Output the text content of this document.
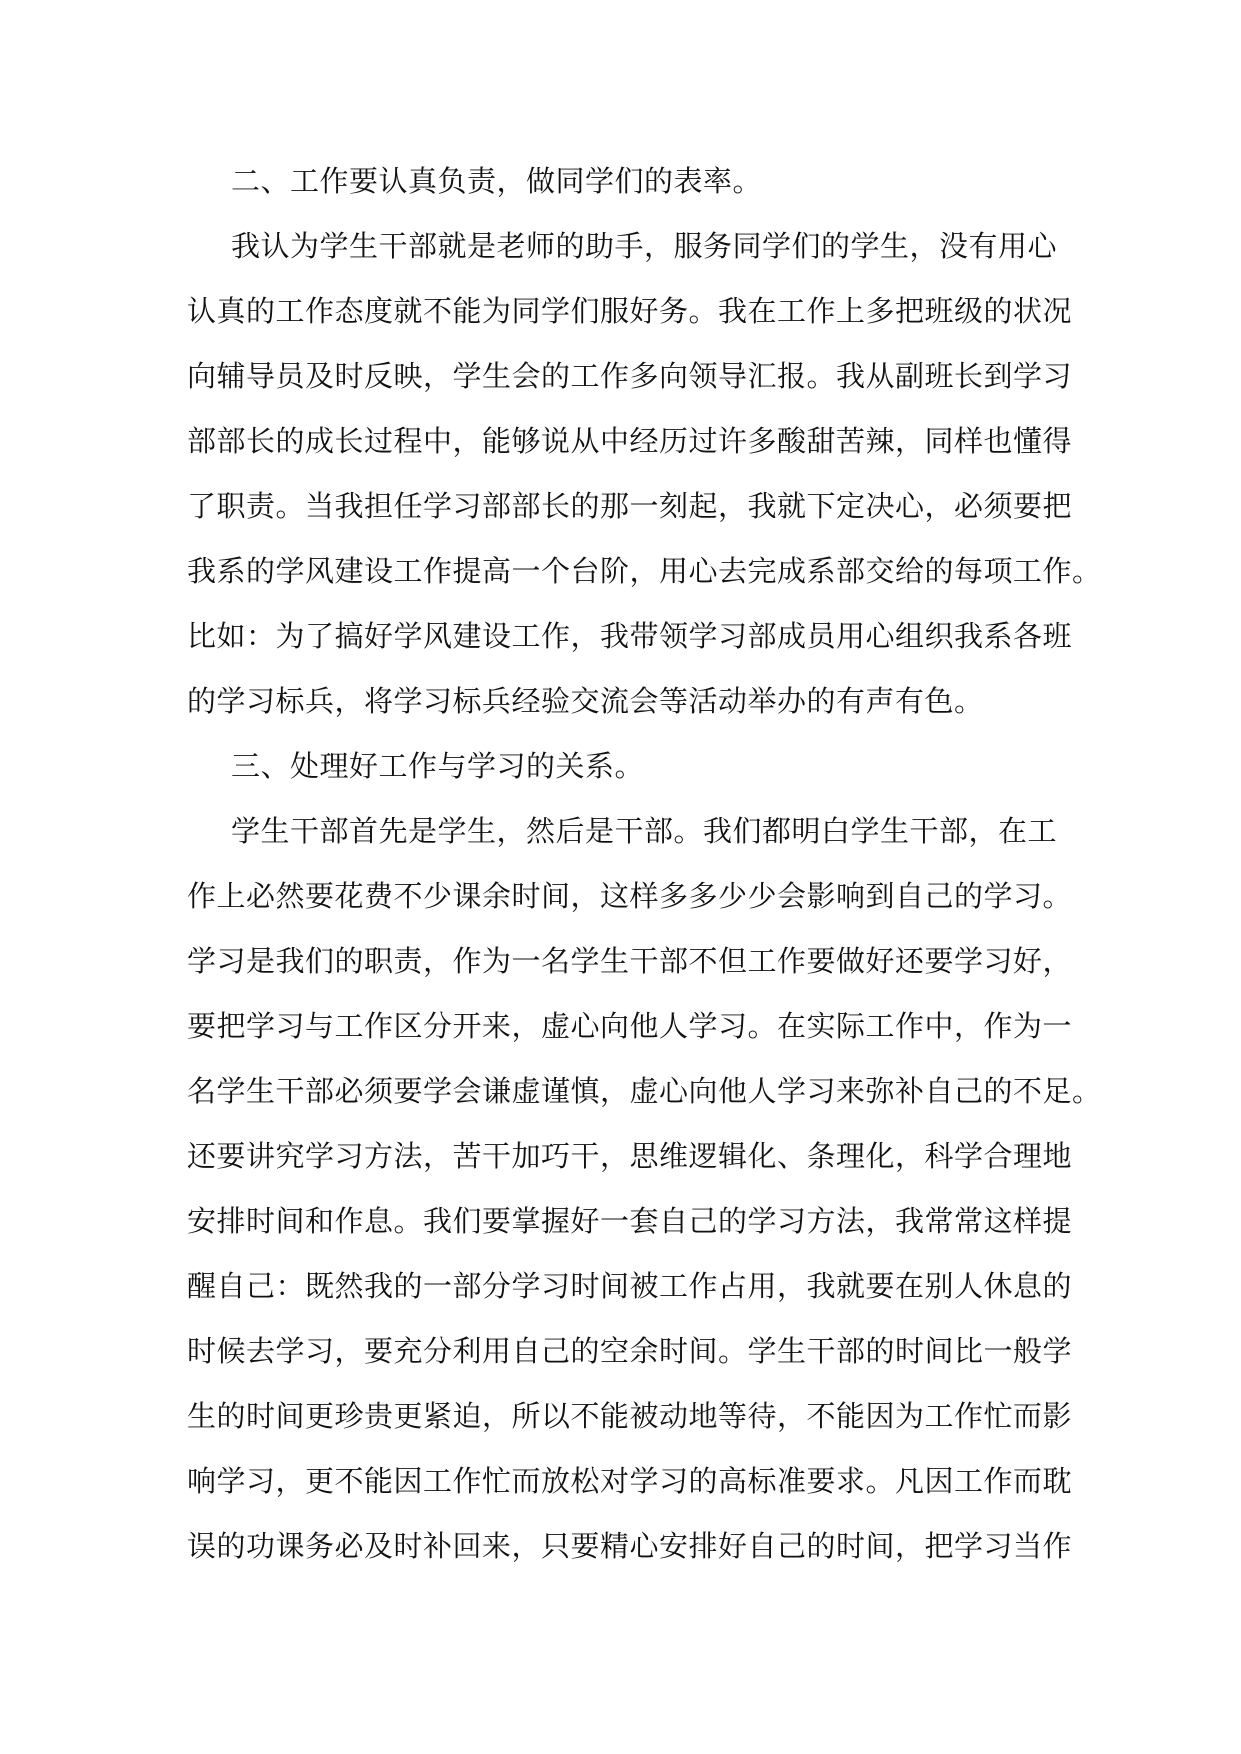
二、工作要认真负责，做同学们的表率。
我认为学生干部就是老师的助手，服务同学们的学生，没有用心
认真的工作态度就不能为同学们服好务。我在工作上多把班级的状况
向辅导员及时反映，学生会的工作多向领导汇报。我从副班长到学习
部部长的成长过程中，能够说从中经历过许多酸甜苦辣，同样也懂得
了职责。当我担任学习部部长的那一刻起，我就下定决心，必须要把
我系的学风建设工作提高一个台阶，用心去完成系部交给的每项工作。
比如：为了搞好学风建设工作，我带领学习部成员用心组织我系各班
的学习标兵，将学习标兵经验交流会等活动举办的有声有色。
三、处理好工作与学习的关系。
学生干部首先是学生，然后是干部。我们都明白学生干部，在工
作上必然要花费不少课余时间，这样多多少少会影响到自己的学习。
学习是我们的职责，作为一名学生干部不但工作要做好还要学习好，
要把学习与工作区分开来，虚心向他人学习。在实际工作中，作为一
名学生干部必须要学会谦虚谨慎，虚心向他人学习来弥补自己的不足。
还要讲究学习方法，苦干加巧干，思维逻辑化、条理化，科学合理地
安排时间和作息。我们要掌握好一套自己的学习方法，我常常这样提
醒自己：既然我的一部分学习时间被工作占用，我就要在别人休息的
时候去学习，要充分利用自己的空余时间。学生干部的时间比一般学
生的时间更珍贵更紧迫，所以不能被动地等待，不能因为工作忙而影
响学习，更不能因工作忙而放松对学习的高标准要求。凡因工作而耽
误的功课务必及时补回来，只要精心安排好自己的时间，把学习当作
